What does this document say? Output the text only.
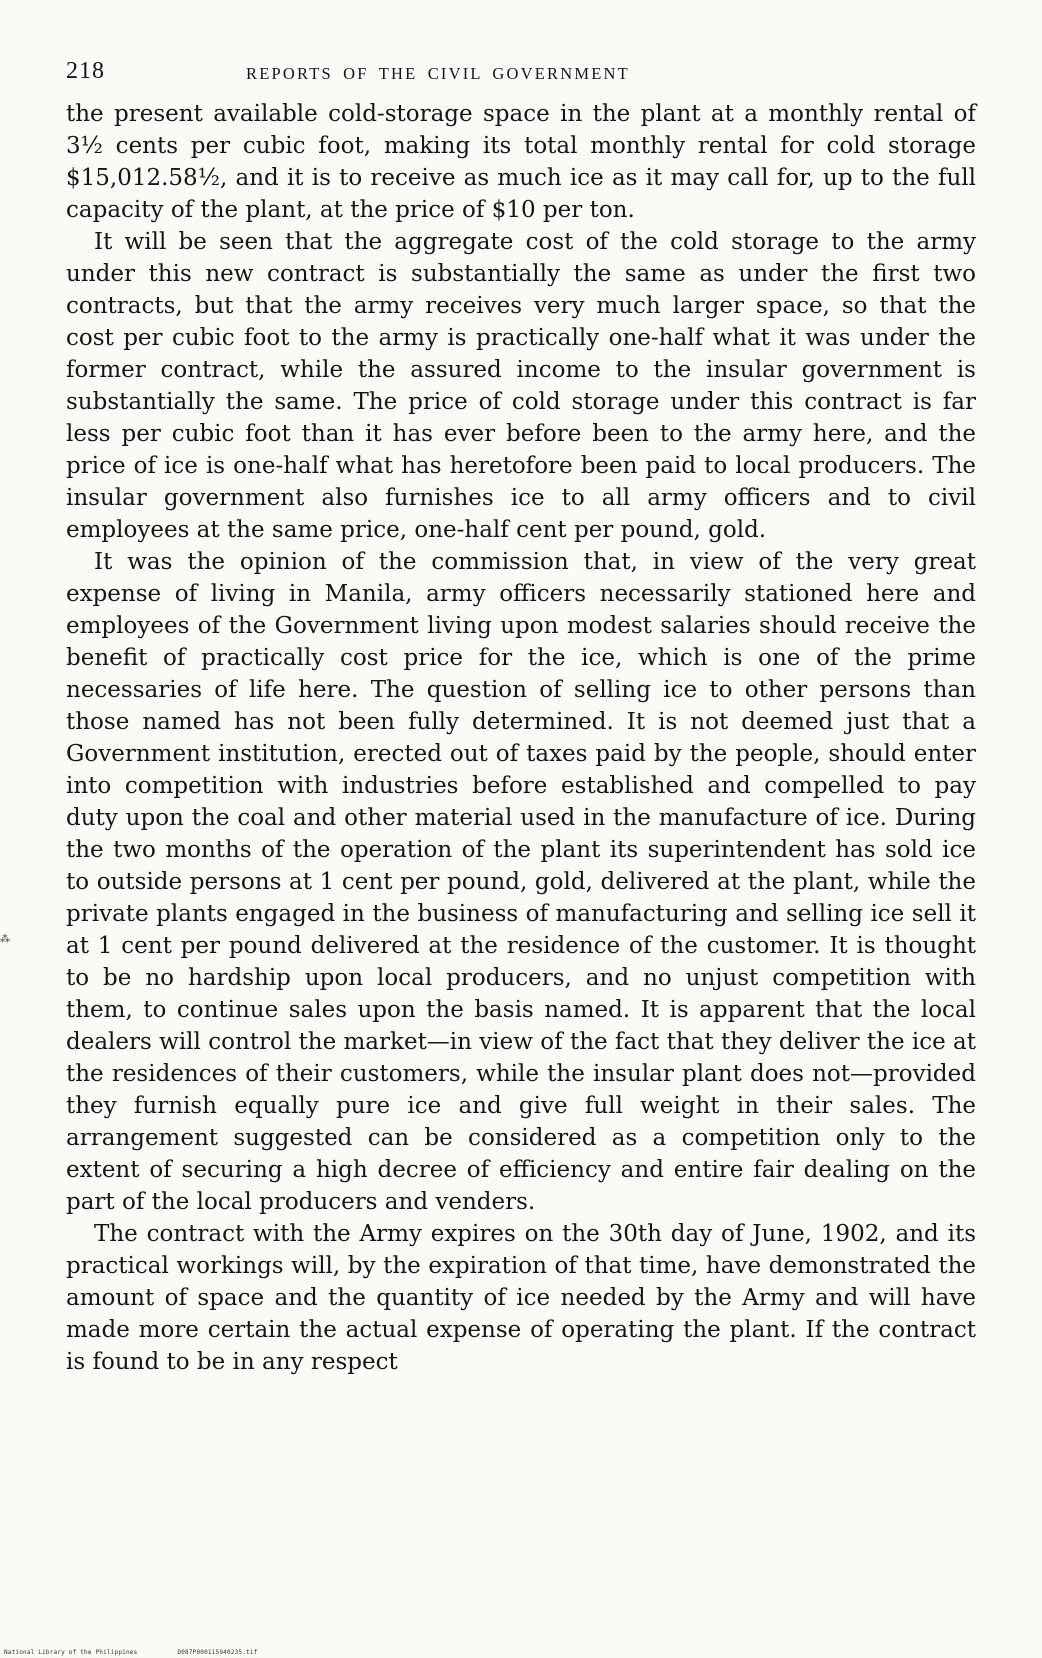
218	REPORTS OF THE CIVIL GOVERNMENT

the present available cold-storage space in the plant at a monthly rental of 3½ cents per cubic foot, making its total monthly rental for cold storage $15,012.58½, and it is to receive as much ice as it may call for, up to the full capacity of the plant, at the price of $10 per ton.

It will be seen that the aggregate cost of the cold storage to the army under this new contract is substantially the same as under the first two contracts, but that the army receives very much larger space, so that the cost per cubic foot to the army is practically one-half what it was under the former contract, while the assured income to the insular government is substantially the same. The price of cold storage under this contract is far less per cubic foot than it has ever before been to the army here, and the price of ice is one-half what has heretofore been paid to local producers. The insular government also furnishes ice to all army officers and to civil employees at the same price, one-half cent per pound, gold.

It was the opinion of the commission that, in view of the very great expense of living in Manila, army officers necessarily stationed here and employees of the Government living upon modest salaries should receive the benefit of practically cost price for the ice, which is one of the prime necessaries of life here. The question of selling ice to other persons than those named has not been fully determined. It is not deemed just that a Government institution, erected out of taxes paid by the people, should enter into competition with industries before established and compelled to pay duty upon the coal and other material used in the manufacture of ice. During the two months of the operation of the plant its superintendent has sold ice to outside persons at 1 cent per pound, gold, delivered at the plant, while the private plants engaged in the business of manufacturing and selling ice sell it at 1 cent per pound delivered at the residence of the customer. It is thought to be no hardship upon local producers, and no unjust competition with them, to continue sales upon the basis named. It is apparent that the local dealers will control the market—in view of the fact that they deliver the ice at the residences of their customers, while the insular plant does not—provided they furnish equally pure ice and give full weight in their sales. The arrangement suggested can be considered as a competition only to the extent of securing a high decree of efficiency and entire fair dealing on the part of the local producers and venders.

The contract with the Army expires on the 30th day of June, 1902, and its practical workings will, by the expiration of that time, have demonstrated the amount of space and the quantity of ice needed by the Army and will have made more certain the actual expense of operating the plant. If the contract is found to be in any respect

⁂
National Library of the Philippines	D087P000115940235.tif
